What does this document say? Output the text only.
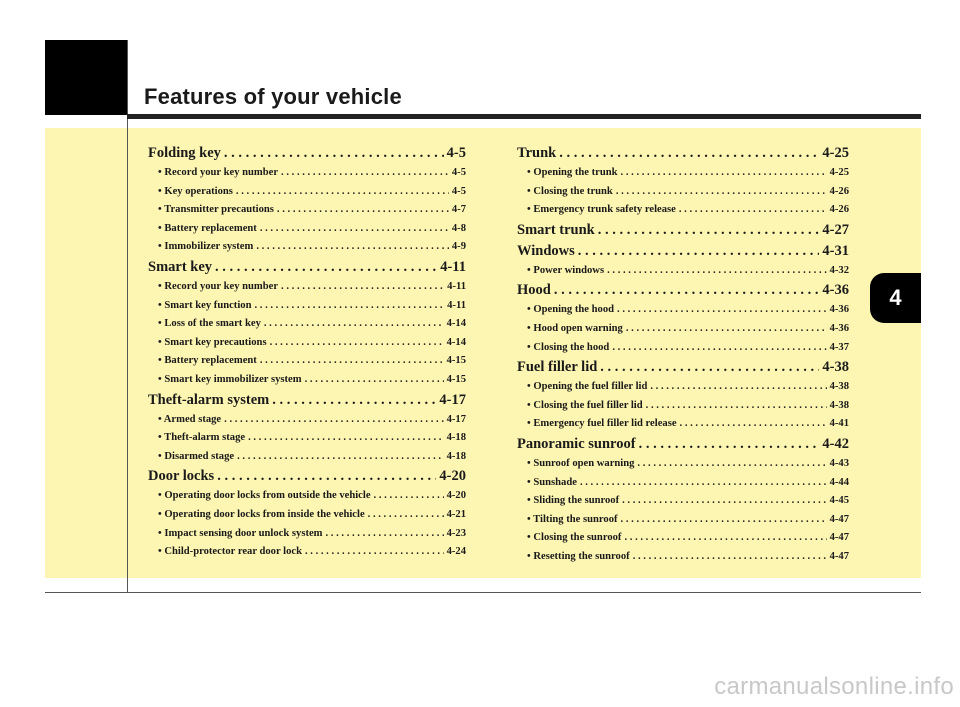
Features of your vehicle
4
Folding key . . .	4-5
• Record your key number . . .	4-5
• Key operations . . .	4-5
• Transmitter precautions . . .	4-7
• Battery replacement . . .	4-8
• Immobilizer system . . .	4-9
Smart key . . .	4-11
• Record your key number . . .	4-11
• Smart key function . . .	4-11
• Loss of the smart key . . .	4-14
• Smart key precautions . . .	4-14
• Battery replacement . . .	4-15
• Smart key immobilizer system . . .	4-15
Theft-alarm system . . .	4-17
• Armed stage . . .	4-17
• Theft-alarm stage . . .	4-18
• Disarmed stage . . .	4-18
Door locks . . .	4-20
• Operating door locks from outside the vehicle . . .	4-20
• Operating door locks from inside the vehicle . . .	4-21
• Impact sensing door unlock system . . .	4-23
• Child-protector rear door lock . . .	4-24
Trunk . . .	4-25
• Opening the trunk . . .	4-25
• Closing the trunk . . .	4-26
• Emergency trunk safety release . . .	4-26
Smart trunk . . .	4-27
Windows . . .	4-31
• Power windows . . .	4-32
Hood . . .	4-36
• Opening the hood . . .	4-36
• Hood open warning . . .	4-36
• Closing the hood . . .	4-37
Fuel filler lid . . .	4-38
• Opening the fuel filler lid . . .	4-38
• Closing the fuel filler lid . . .	4-38
• Emergency fuel filler lid release . . .	4-41
Panoramic sunroof . . .	4-42
• Sunroof open warning . . .	4-43
• Sunshade . . .	4-44
• Sliding the sunroof . . .	4-45
• Tilting the sunroof . . .	4-47
• Closing the sunroof . . .	4-47
• Resetting the sunroof . . .	4-47
carmanualsonline.info
